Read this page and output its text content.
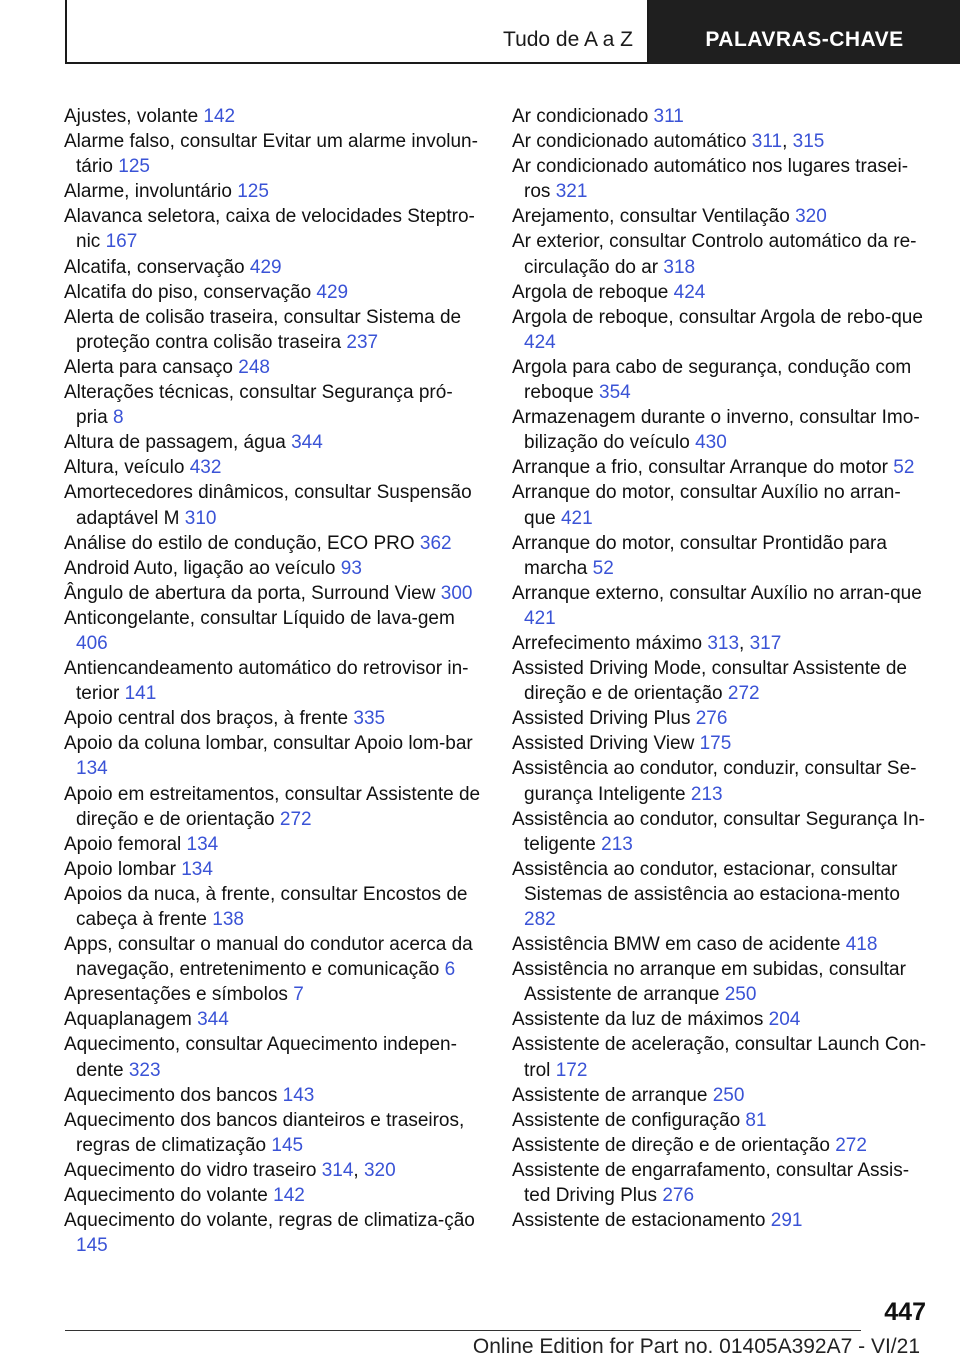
Tudo de A a Z	PALAVRAS-CHAVE
Ajustes, volante 142
Alarme falso, consultar Evitar um alarme involun-tário 125
Alarme, involuntário 125
Alavanca seletora, caixa de velocidades Steptro-nic 167
Alcatifa, conservação 429
Alcatifa do piso, conservação 429
Alerta de colisão traseira, consultar Sistema de proteção contra colisão traseira 237
Alerta para cansaço 248
Alterações técnicas, consultar Segurança pró-pria 8
Altura de passagem, água 344
Altura, veículo 432
Amortecedores dinâmicos, consultar Suspensão adaptável M 310
Análise do estilo de condução, ECO PRO 362
Android Auto, ligação ao veículo 93
Ângulo de abertura da porta, Surround View 300
Anticongelante, consultar Líquido de lava-gem 406
Antiencandeamento automático do retrovisor in-terior 141
Apoio central dos braços, à frente 335
Apoio da coluna lombar, consultar Apoio lom-bar 134
Apoio em estreitamentos, consultar Assistente de direção e de orientação 272
Apoio femoral 134
Apoio lombar 134
Apoios da nuca, à frente, consultar Encostos de cabeça à frente 138
Apps, consultar o manual do condutor acerca da navegação, entretenimento e comunicação 6
Apresentações e símbolos 7
Aquaplanagem 344
Aquecimento, consultar Aquecimento indepen-dente 323
Aquecimento dos bancos 143
Aquecimento dos bancos dianteiros e traseiros, regras de climatização 145
Aquecimento do vidro traseiro 314, 320
Aquecimento do volante 142
Aquecimento do volante, regras de climatiza-ção 145
Ar condicionado 311
Ar condicionado automático 311, 315
Ar condicionado automático nos lugares trasei-ros 321
Arejamento, consultar Ventilação 320
Ar exterior, consultar Controlo automático da re-circulação do ar 318
Argola de reboque 424
Argola de reboque, consultar Argola de rebo-que 424
Argola para cabo de segurança, condução com reboque 354
Armazenagem durante o inverno, consultar Imo-bilização do veículo 430
Arranque a frio, consultar Arranque do motor 52
Arranque do motor, consultar Auxílio no arran-que 421
Arranque do motor, consultar Prontidão para marcha 52
Arranque externo, consultar Auxílio no arran-que 421
Arrefecimento máximo 313, 317
Assisted Driving Mode, consultar Assistente de direção e de orientação 272
Assisted Driving Plus 276
Assisted Driving View 175
Assistência ao condutor, conduzir, consultar Se-gurança Inteligente 213
Assistência ao condutor, consultar Segurança In-teligente 213
Assistência ao condutor, estacionar, consultar Sistemas de assistência ao estaciona-mento 282
Assistência BMW em caso de acidente 418
Assistência no arranque em subidas, consultar Assistente de arranque 250
Assistente da luz de máximos 204
Assistente de aceleração, consultar Launch Con-trol 172
Assistente de arranque 250
Assistente de configuração 81
Assistente de direção e de orientação 272
Assistente de engarrafamento, consultar Assis-ted Driving Plus 276
Assistente de estacionamento 291
447
Online Edition for Part no. 01405A392A7 - VI/21
